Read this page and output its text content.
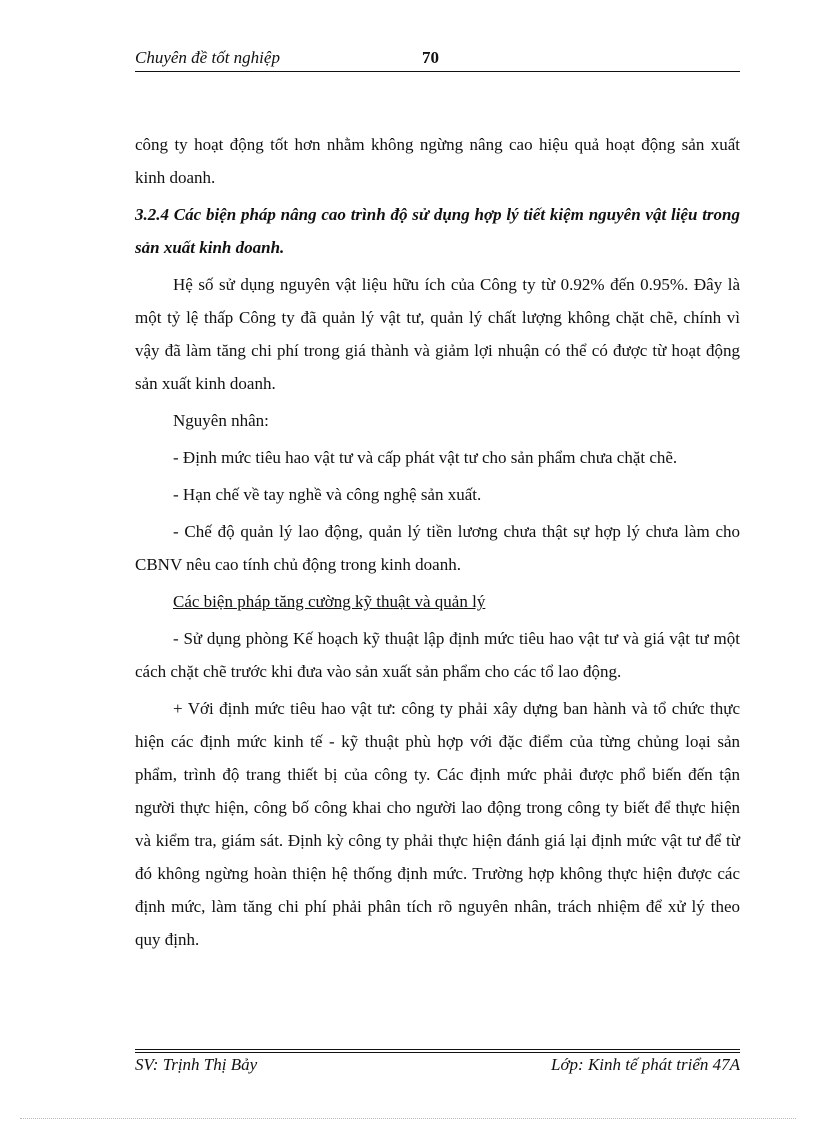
Chuyên đề tốt nghiệp	70

công ty hoạt động tốt hơn nhằm không ngừng nâng cao hiệu quả hoạt động sản xuất kinh doanh.

3.2.4 Các biện pháp nâng cao trình độ sử dụng hợp lý tiết kiệm nguyên vật liệu trong sản xuất kinh doanh.

Hệ số sử dụng nguyên vật liệu hữu ích của Công ty từ 0.92% đến 0.95%. Đây là một tỷ lệ thấp Công ty đã quản lý vật tư, quản lý chất lượng không chặt chẽ, chính vì vậy đã làm tăng chi phí trong giá thành và giảm lợi nhuận có thể có được từ hoạt động sản xuất kinh doanh.

Nguyên nhân:

- Định mức tiêu hao vật tư và cấp phát vật tư cho sản phẩm chưa chặt chẽ.

- Hạn chế về tay nghề và công nghệ sản xuất.

- Chế độ quản lý lao động, quản lý tiền lương chưa thật sự hợp lý chưa làm cho CBNV nêu cao tính chủ động trong kinh doanh.

Các biện pháp tăng cường kỹ thuật và quản lý

- Sử dụng phòng Kế hoạch kỹ thuật lập định mức tiêu hao vật tư và giá vật tư một cách chặt chẽ trước khi đưa vào sản xuất sản phẩm cho các tổ lao động.

+ Với định mức tiêu hao vật tư: công ty phải xây dựng ban hành và tổ chức thực hiện các định mức kinh tế - kỹ thuật phù hợp với đặc điểm của từng chủng loại sản phẩm, trình độ trang thiết bị của công ty. Các định mức phải được phổ biến đến tận người thực hiện, công bố công khai cho người lao động trong công ty biết để thực hiện và kiểm tra, giám sát. Định kỳ công ty phải thực hiện đánh giá lại định mức vật tư để từ đó không ngừng hoàn thiện hệ thống định mức. Trường hợp không thực hiện được các định mức, làm tăng chi phí phải phân tích rõ nguyên nhân, trách nhiệm để xử lý theo quy định.

SV: Trịnh Thị Bảy	Lớp: Kinh tế phát triển 47A
